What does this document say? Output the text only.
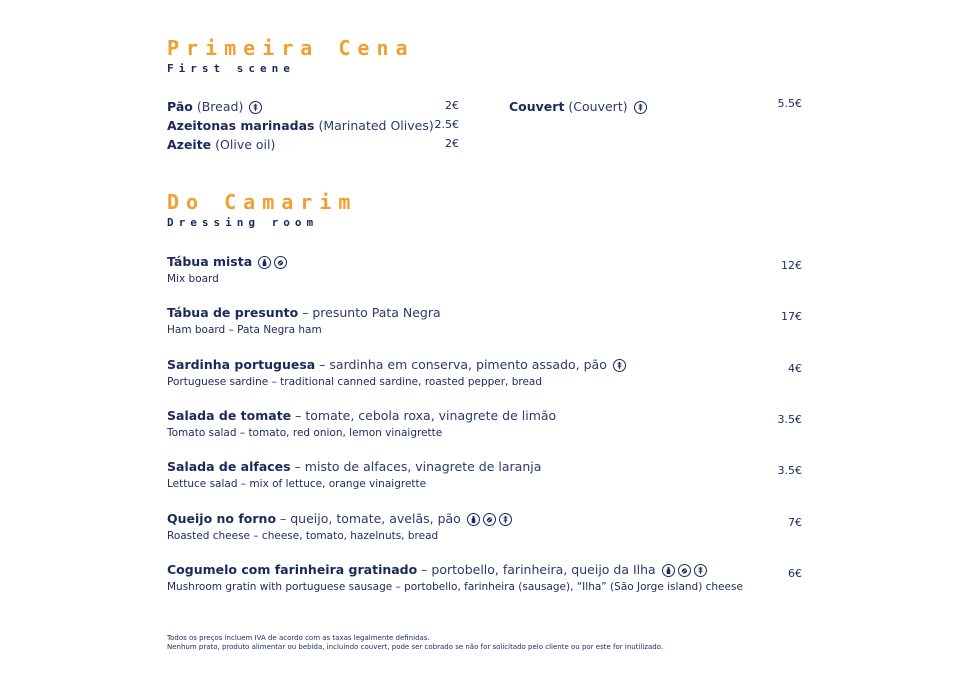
Primeira Cena
First scene
Pão
(Bread)
Azeitonas marinadas
(Marinated Olives)
Azeite
(Olive oil)
2€
2.5€
2€
Couvert
(Couvert)	5.5€
Do Camarim
Dressing room
Tábua mista
Mix board
12€
Tábua de presunto – presunto Pata Negra
Ham board – Pata Negra ham
17€
Sardinha portuguesa – sardinha em conserva, pimento assado, pão
Portuguese sardine – traditional canned sardine, roasted pepper, bread
4€
Salada de tomate – tomate, cebola roxa, vinagrete de limão
Tomato salad – tomato, red onion, lemon vinaigrette
3.5€
Salada de alfaces – misto de alfaces, vinagrete de laranja
Lettuce salad – mix of lettuce, orange vinaigrette
3.5€
Queijo no forno – queijo, tomate, avelãs, pão
Roasted cheese – cheese, tomato, hazelnuts, bread
7€
Cogumelo com farinheira gratinado – portobello, farinheira, queijo da Ilha
Mushroom gratin with portuguese sausage – portobello, farinheira (sausage), “Ilha” (São Jorge island) cheese
6€
Todos os preços incluem IVA de acordo com as taxas legalmente definidas.
Nenhum prato, produto alimentar ou bebida, incluindo couvert, pode ser cobrado se não for solicitado pelo cliente ou por este for inutilizado.
